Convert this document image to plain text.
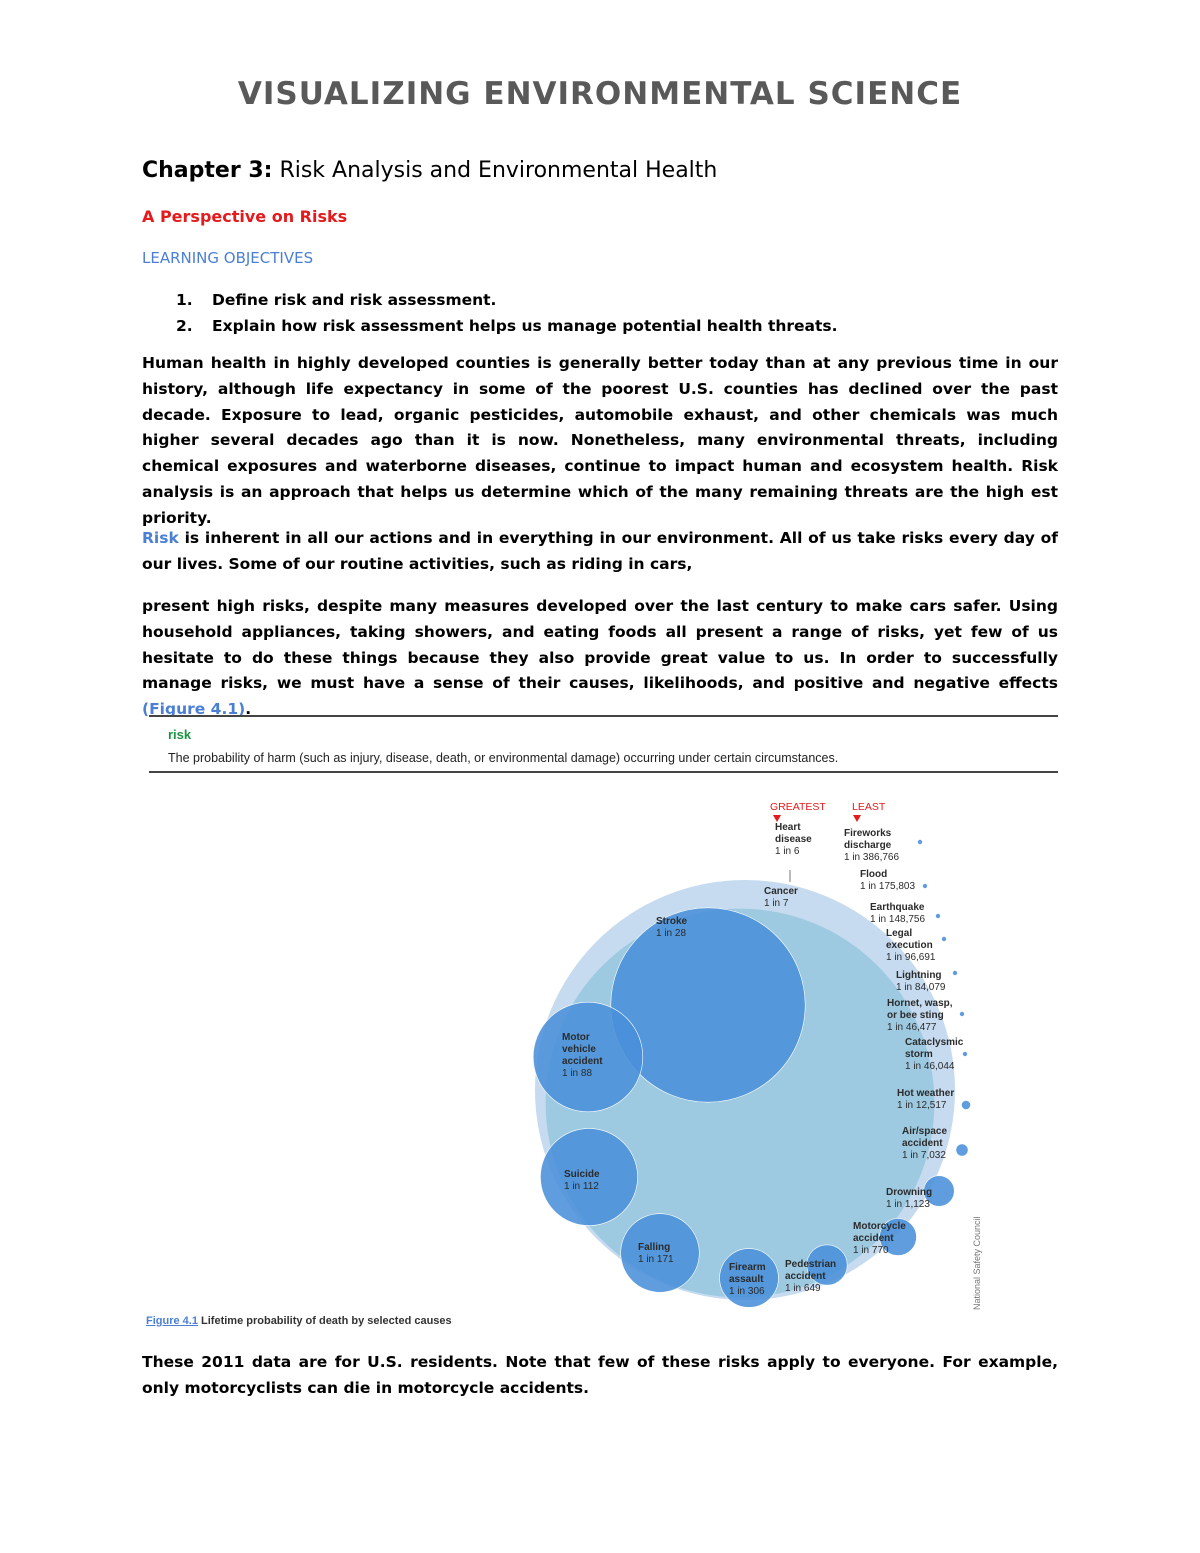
VISUALIZING ENVIRONMENTAL SCIENCE

Chapter 3: Risk Analysis and Environmental Health

A Perspective on Risks

LEARNING OBJECTIVES

1. Define risk and risk assessment.
2. Explain how risk assessment helps us manage potential health threats.

Human health in highly developed counties is generally better today than at any previous time in our history, although life expectancy in some of the poorest U.S. counties has declined over the past decade. Exposure to lead, organic pesticides, automobile exhaust, and other chemicals was much higher several decades ago than it is now. Nonetheless, many environmental threats, including chemical exposures and waterborne diseases, continue to impact human and ecosystem health. Risk analysis is an approach that helps us determine which of the many remaining threats are the high est priority.

Risk is inherent in all our actions and in everything in our environment. All of us take risks every day of our lives. Some of our routine activities, such as riding in cars,

present high risks, despite many measures developed over the last century to make cars safer. Using household appliances, taking showers, and eating foods all present a range of risks, yet few of us hesitate to do these things because they also provide great value to us. In order to successfully manage risks, we must have a sense of their causes, likelihoods, and positive and negative effects (Figure 4.1).

risk
The probability of harm (such as injury, disease, death, or environmental damage) occurring under certain circumstances.
Heart disease 1 in 6
Cancer 1 in 7
Stroke 1 in 28
Motor vehicle accident 1 in 88
Suicide 1 in 112
Falling 1 in 171
Firearm assault 1 in 306
Pedestrian accident 1 in 649
Motorcycle accident 1 in 770
Drowning 1 in 1,123
Air/space accident 1 in 7,032
Hot weather 1 in 12,517
Cataclysmic storm 1 in 46,044
Hornet, wasp, or bee sting 1 in 46,477
Lightning 1 in 84,079
Legal execution 1 in 96,691
Earthquake 1 in 148,756
Flood 1 in 175,803
Fireworks discharge 1 in 386,766
GREATEST LEAST
National Safety Council
Figure 4.1 Lifetime probability of death by selected causes

These 2011 data are for U.S. residents. Note that few of these risks apply to everyone. For example, only motorcyclists can die in motorcycle accidents.
